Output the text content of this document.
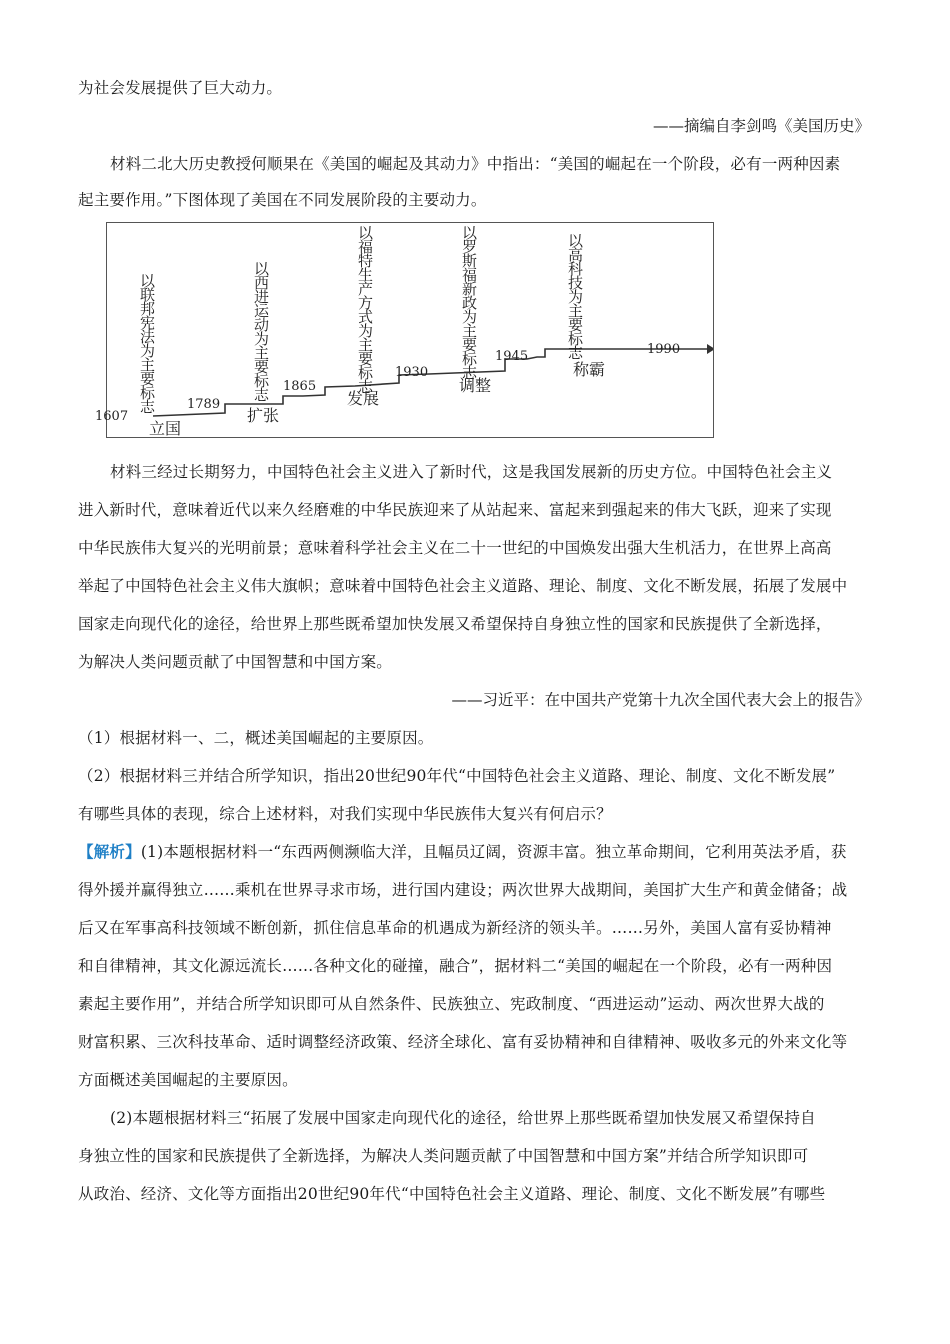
为社会发展提供了巨大动力。
——摘编自李剑鸣《美国历史》
材料二北大历史教授何顺果在《美国的崛起及其动力》中指出：“美国的崛起在一个阶段，必有一两种因素
起主要作用。”下图体现了美国在不同发展阶段的主要动力。
以联邦宪法为主要标志	以西进运动为主要标志	以福特生产方式为主要标志	以罗斯福新政为主要标志	以高科技为主要标志
1607
1789
1865
1930
1945	1990
立国
扩张
发展
调整
称霸
材料三经过长期努力，中国特色社会主义进入了新时代，这是我国发展新的历史方位。中国特色社会主义
进入新时代，意味着近代以来久经磨难的中华民族迎来了从站起来、富起来到强起来的伟大飞跃，迎来了实现
中华民族伟大复兴的光明前景；意味着科学社会主义在二十一世纪的中国焕发出强大生机活力，在世界上高高
举起了中国特色社会主义伟大旗帜；意味着中国特色社会主义道路、理论、制度、文化不断发展，拓展了发展中
国家走向现代化的途径，给世界上那些既希望加快发展又希望保持自身独立性的国家和民族提供了全新选择，
为解决人类问题贡献了中国智慧和中国方案。
——习近平：在中国共产党第十九次全国代表大会上的报告》
（1）根据材料一、二，概述美国崛起的主要原因。
（2）根据材料三并结合所学知识，指出20世纪90年代“中国特色社会主义道路、理论、制度、文化不断发展”
有哪些具体的表现，综合上述材料，对我们实现中华民族伟大复兴有何启示？
【解析】(1)本题根据材料一“东西两侧濒临大洋，且幅员辽阔，资源丰富。独立革命期间，它利用英法矛盾，获
得外援并赢得独立……乘机在世界寻求市场，进行国内建设；两次世界大战期间，美国扩大生产和黄金储备；战
后又在军事高科技领域不断创新，抓住信息革命的机遇成为新经济的领头羊。……另外，美国人富有妥协精神
和自律精神，其文化源远流长……各种文化的碰撞，融合”，据材料二“美国的崛起在一个阶段，必有一两种因
素起主要作用”，并结合所学知识即可从自然条件、民族独立、宪政制度、“西进运动”运动、两次世界大战的
财富积累、三次科技革命、适时调整经济政策、经济全球化、富有妥协精神和自律精神、吸收多元的外来文化等
方面概述美国崛起的主要原因。
(2)本题根据材料三“拓展了发展中国家走向现代化的途径，给世界上那些既希望加快发展又希望保持自
身独立性的国家和民族提供了全新选择，为解决人类问题贡献了中国智慧和中国方案”并结合所学知识即可
从政治、经济、文化等方面指出20世纪90年代“中国特色社会主义道路、理论、制度、文化不断发展”有哪些
